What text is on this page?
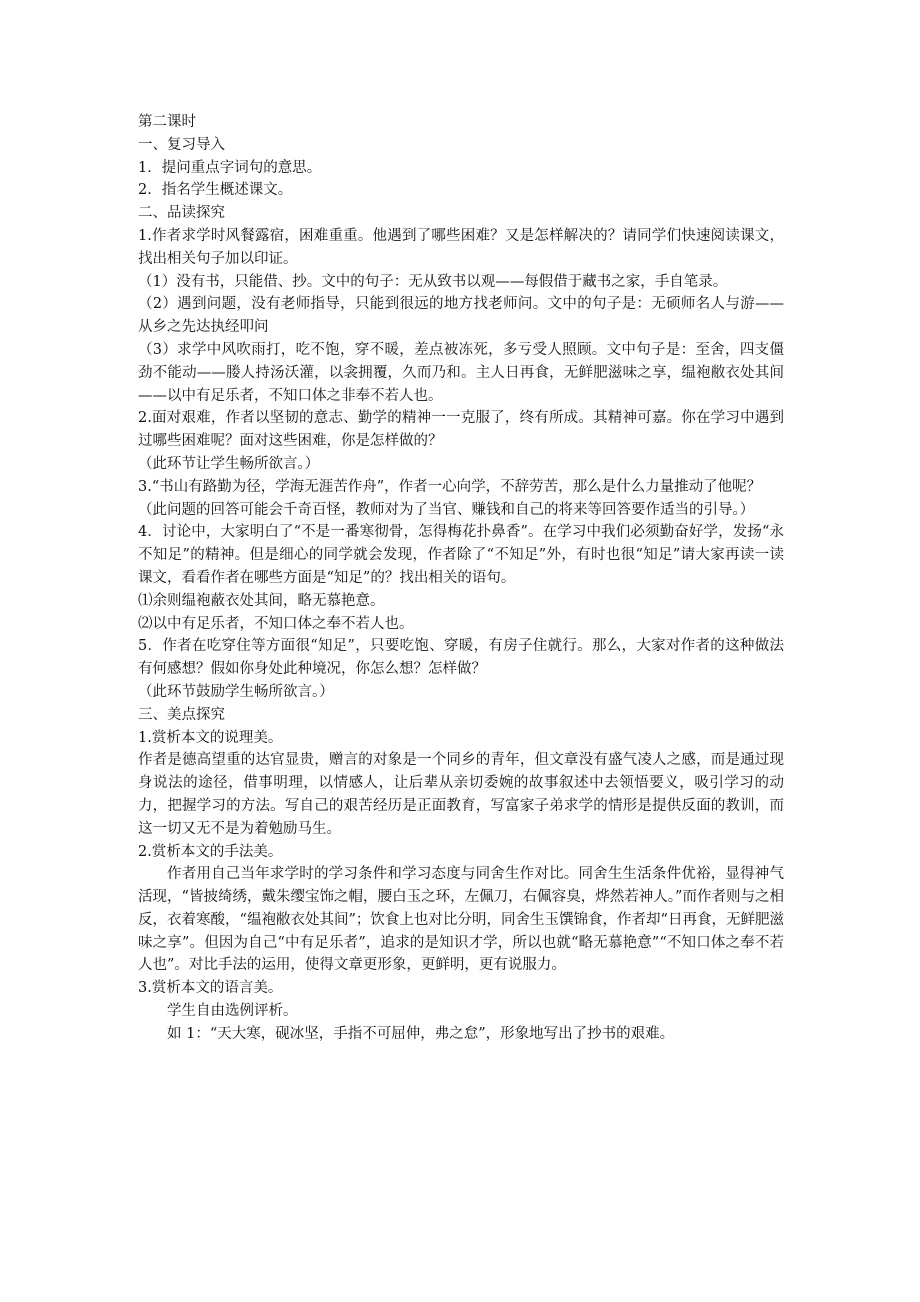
第二课时

一、复习导入

1．提问重点字词句的意思。

2．指名学生概述课文。

二、品读探究

1.作者求学时风餐露宿，困难重重。他遇到了哪些困难？又是怎样解决的？请同学们快速阅读课文，找出相关句子加以印证。

（1）没有书，只能借、抄。文中的句子：无从致书以观——每假借于藏书之家，手自笔录。

（2）遇到问题，没有老师指导，只能到很远的地方找老师问。文中的句子是：无硕师名人与游——从乡之先达执经叩问

（3）求学中风吹雨打，吃不饱，穿不暖，差点被冻死，多亏受人照顾。文中句子是：至舍，四支僵劲不能动——媵人持汤沃灌，以衾拥覆，久而乃和。主人日再食，无鲜肥滋味之享，缊袍敝衣处其间——以中有足乐者，不知口体之非奉不若人也。

2.面对艰难，作者以坚韧的意志、勤学的精神一一克服了，终有所成。其精神可嘉。你在学习中遇到过哪些困难呢？面对这些困难，你是怎样做的？

（此环节让学生畅所欲言。）

3.“书山有路勤为径，学海无涯苦作舟”，作者一心向学，不辞劳苦，那么是什么力量推动了他呢？

（此问题的回答可能会千奇百怪，教师对为了当官、赚钱和自己的将来等回答要作适当的引导。）

4．讨论中，大家明白了“不是一番寒彻骨，怎得梅花扑鼻香”。在学习中我们必须勤奋好学，发扬“永不知足”的精神。但是细心的同学就会发现，作者除了“不知足”外，有时也很“知足”请大家再读一读课文，看看作者在哪些方面是“知足”的？找出相关的语句。

⑴余则缊袍蔽衣处其间，略无慕艳意。

⑵以中有足乐者，不知口体之奉不若人也。

5．作者在吃穿住等方面很“知足”，只要吃饱、穿暖，有房子住就行。那么，大家对作者的这种做法有何感想？假如你身处此种境况，你怎么想？怎样做？

（此环节鼓励学生畅所欲言。）

三、美点探究

1.赏析本文的说理美。

作者是德高望重的达官显贵，赠言的对象是一个同乡的青年，但文章没有盛气凌人之感，而是通过现身说法的途径，借事明理，以情感人，让后辈从亲切委婉的故事叙述中去领悟要义，吸引学习的动力，把握学习的方法。写自己的艰苦经历是正面教育，写富家子弟求学的情形是提供反面的教训，而这一切又无不是为着勉励马生。

2.赏析本文的手法美。

作者用自己当年求学时的学习条件和学习态度与同舍生作对比。同舍生生活条件优裕，显得神气活现，“皆披绮绣，戴朱缨宝饰之帽，腰白玉之环，左佩刀，右佩容臭，烨然若神人。”而作者则与之相反，衣着寒酸，“缊袍敝衣处其间”；饮食上也对比分明，同舍生玉馔锦食，作者却“日再食，无鲜肥滋味之享”。但因为自己“中有足乐者”，追求的是知识才学，所以也就“略无慕艳意”“不知口体之奉不若人也”。对比手法的运用，使得文章更形象，更鲜明，更有说服力。

3.赏析本文的语言美。

学生自由选例评析。

如 1：“天大寒，砚冰坚，手指不可屈伸，弗之怠”，形象地写出了抄书的艰难。
